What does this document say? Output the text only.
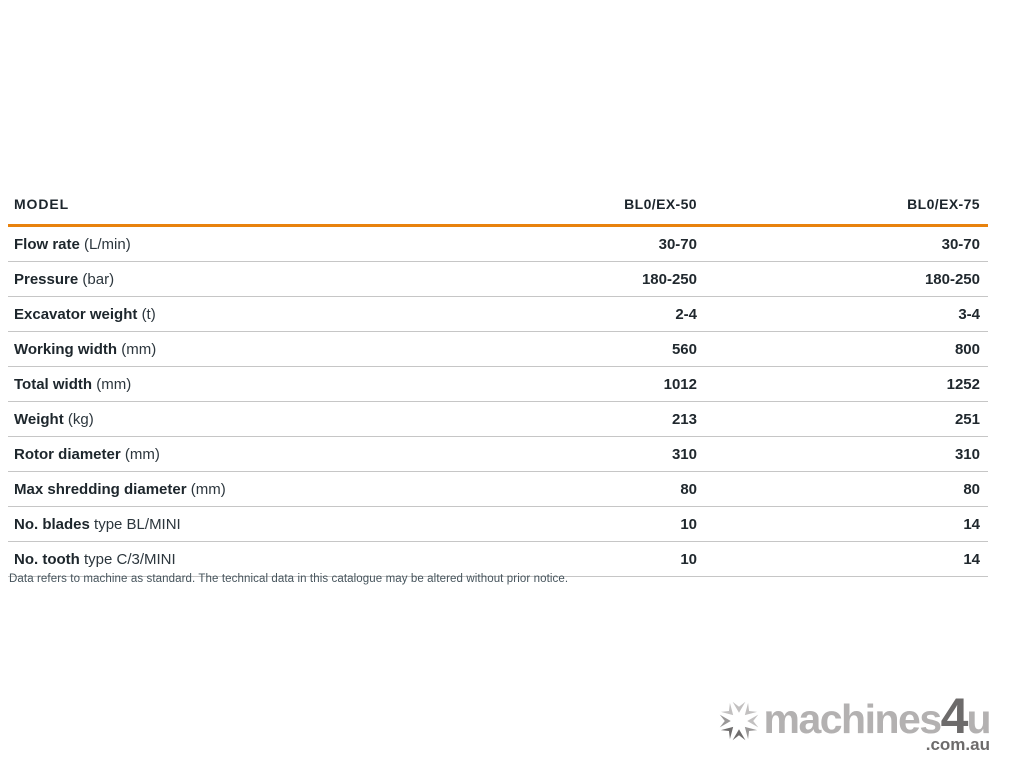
MODEL	BL0/EX-50	BL0/EX-75
Flow rate (L/min)	30-70	30-70
Pressure (bar)	180-250	180-250
Excavator weight (t)	2-4	3-4
Working width (mm)	560	800
Total width (mm)	1012	1252
Weight (kg)	213	251
Rotor diameter (mm)	310	310
Max shredding diameter (mm)	80	80
No. blades type BL/MINI	10	14
No. tooth type C/3/MINI	10	14
Data refers to machine as standard. The technical data in this catalogue may be altered without prior notice.
machines4u
.com.au
